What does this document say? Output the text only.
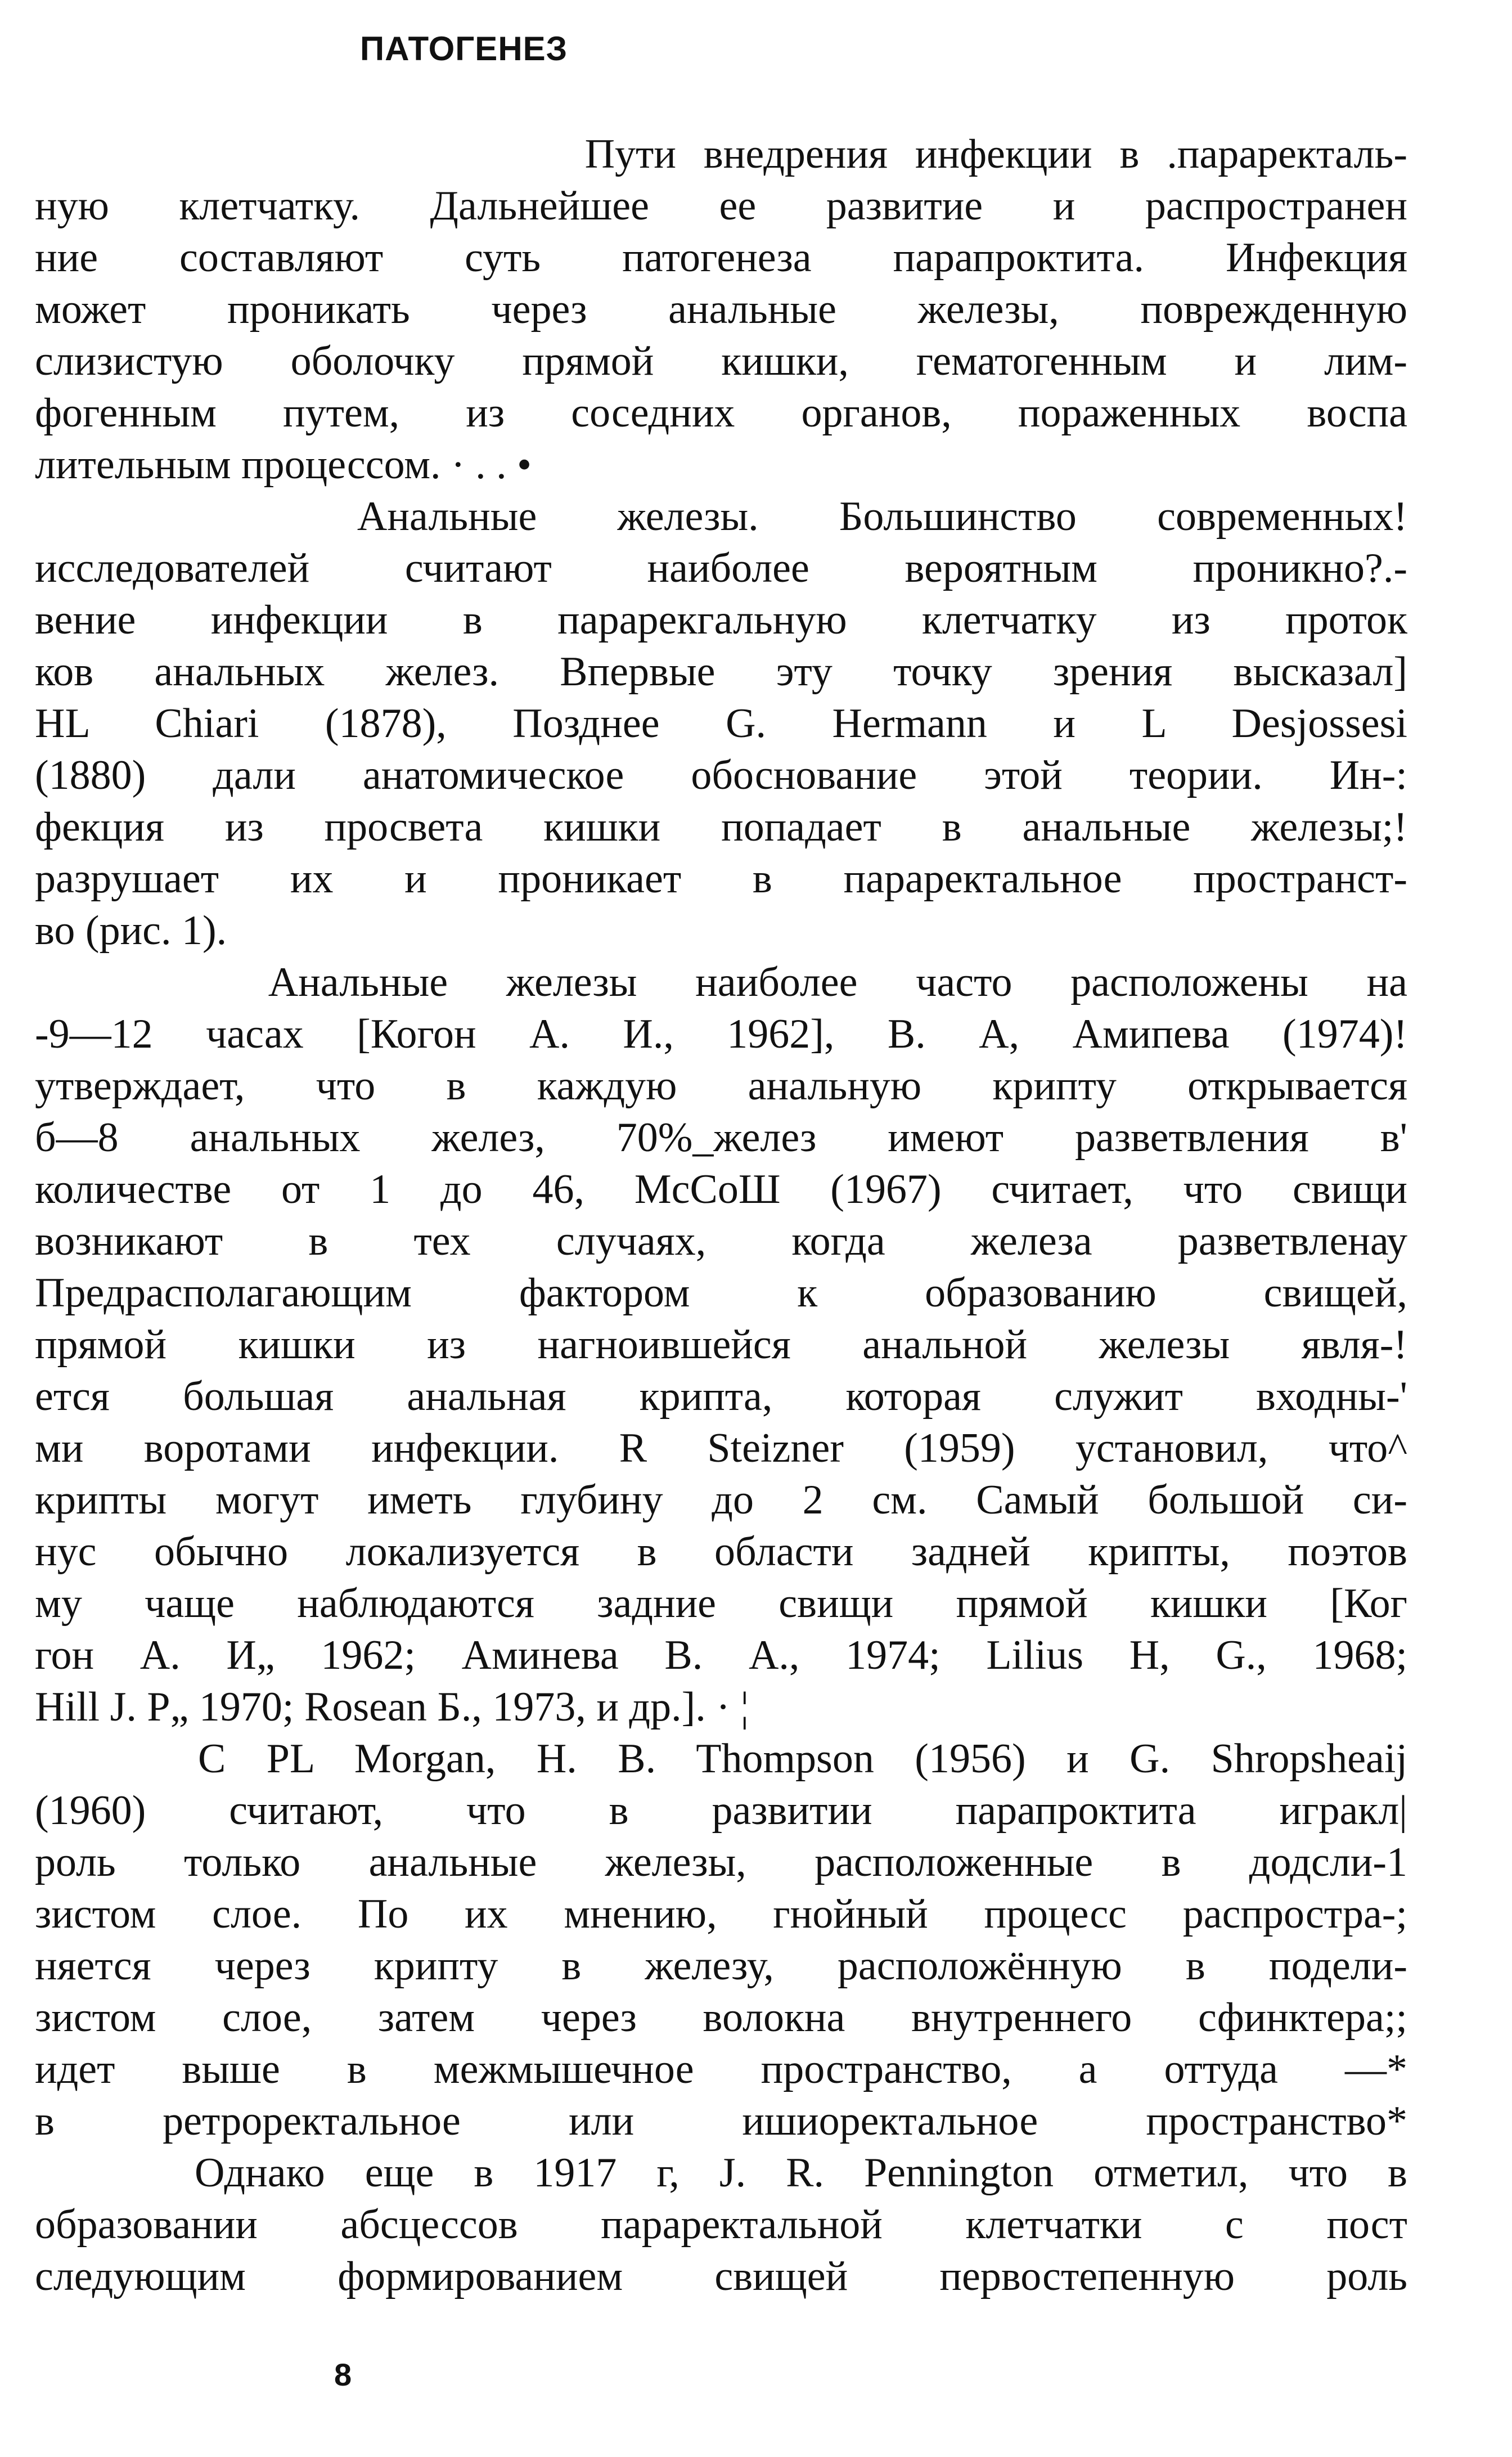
ПАТОГЕНЕЗ
Пути внедрения инфекции в .параректаль-
ную клетчатку. Дальнейшее ее развитие и распространен
ние составляют суть патогенеза парапроктита. Инфекция
может проникать через анальные железы, поврежденную
слизистую оболочку прямой кишки, гематогенным и лим-
фогенным путем, из соседних органов, пораженных воспа
лительным процессом. · . . •
Анальные железы. Большинство современных!
исследователей считают наиболее вероятным проникно?.-
вение инфекции в парарекгальную клетчатку из проток
ков анальных желез. Впервые эту точку зрения высказал]
HL Chiari (1878), Позднее G. Hermann и L Desjossesi
(1880) дали анатомическое обоснование этой теории. Ин-:
фекция из просвета кишки попадает в анальные железы;!
разрушает их и проникает в параректальное пространст-
во (рис. 1).
Анальные железы наиболее часто расположены на
-9—12 часах [Когон А. И., 1962], В. А, Амипева (1974)!
утверждает, что в каждую анальную крипту открывается
б—8 анальных желез, 70%_желез имеют разветвления в'
количестве от 1 до 46, МсСоШ (1967) считает, что свищи
возникают в тех случаях, когда железа разветвленау
Предрасполагающим фактором к образованию свищей,
прямой кишки из нагноившейся анальной железы явля-!
ется большая анальная крипта, которая служит входны-'
ми воротами инфекции. R Steizner (1959) установил, что^
крипты могут иметь глубину до 2 см. Самый большой си-
нус обычно локализуется в области задней крипты, поэтов
му чаще наблюдаются задние свищи прямой кишки [Ког
гон А. И„ 1962; Аминева В. А., 1974; Lilius H, G., 1968;
Hill J. P„ 1970; Rosean Б., 1973, и др.]. · ¦
С PL Morgan, H. B. Thompson (1956) и G. Shropsheaij
(1960) считают, что в развитии парапроктита игракл|
роль только анальные железы, расположенные в додсли-1
зистом слое. По их мнению, гнойный процесс распростра-;
няется через крипту в железу, расположённую в подели-
зистом слое, затем через волокна внутреннего сфинктера;;
идет выше в межмышечное пространство, а оттуда —*
в ретроректальное или ишиоректальное пространство*
Однако еще в 1917 г, J. R. Pennington отметил, что в
образовании абсцессов параректальной клетчатки с пост
следующим формированием свищей первостепенную роль
8
